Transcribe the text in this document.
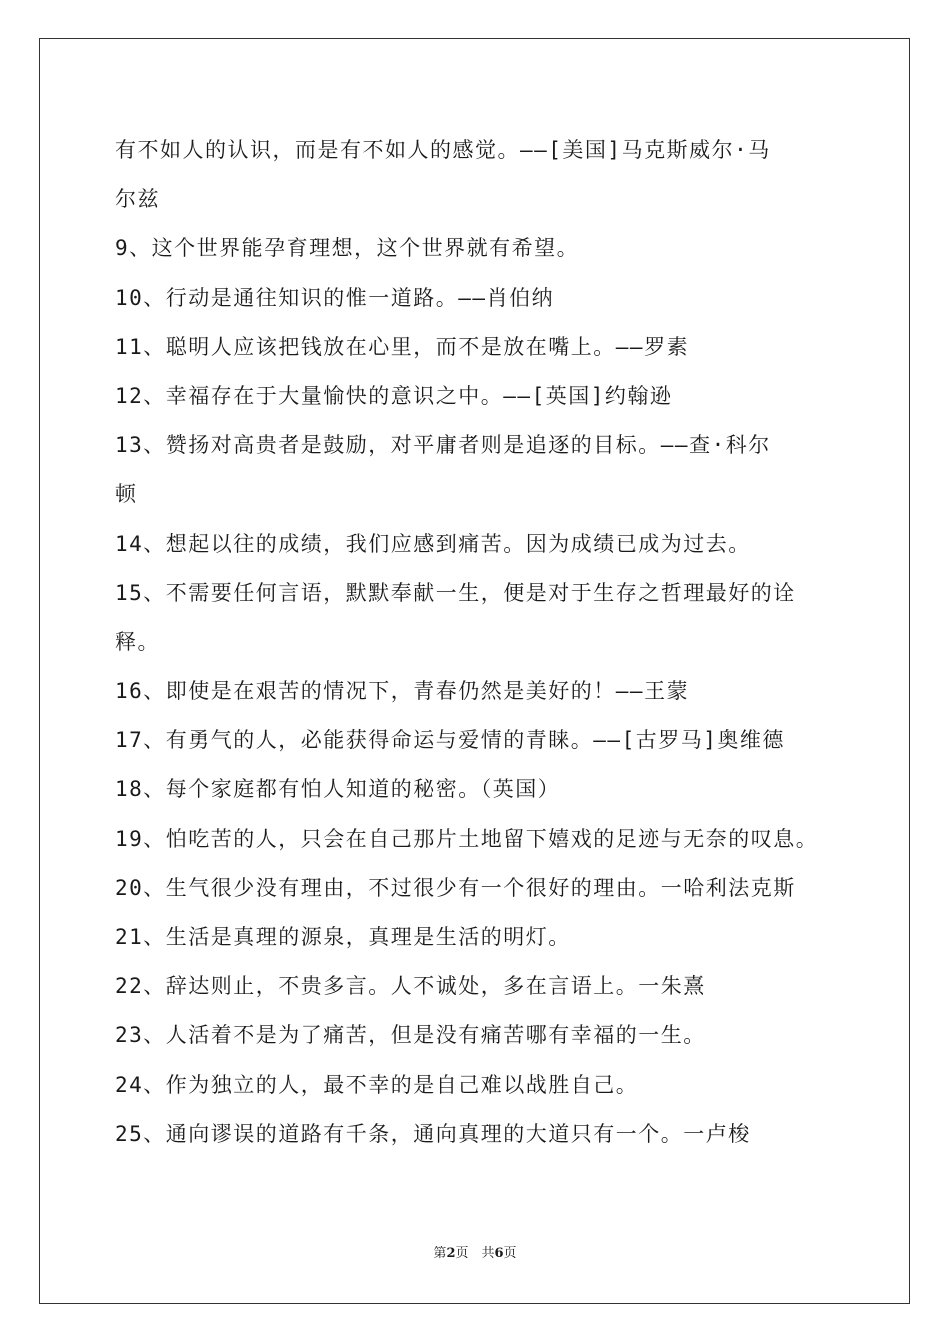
有不如人的认识，而是有不如人的感觉。——[美国]马克斯威尔·马
尔兹
9、这个世界能孕育理想，这个世界就有希望。
10、行动是通往知识的惟一道路。——肖伯纳
11、聪明人应该把钱放在心里，而不是放在嘴上。——罗素
12、幸福存在于大量愉快的意识之中。——[英国]约翰逊
13、赞扬对高贵者是鼓励，对平庸者则是追逐的目标。——查·科尔
顿
14、想起以往的成绩，我们应感到痛苦。因为成绩已成为过去。
15、不需要任何言语，默默奉献一生，便是对于生存之哲理最好的诠
释。
16、即使是在艰苦的情况下，青春仍然是美好的！——王蒙
17、有勇气的人，必能获得命运与爱情的青睐。——[古罗马]奥维德
18、每个家庭都有怕人知道的秘密。（英国）
19、怕吃苦的人，只会在自己那片土地留下嬉戏的足迹与无奈的叹息。
20、生气很少没有理由，不过很少有一个很好的理由。一哈利法克斯
21、生活是真理的源泉，真理是生活的明灯。
22、辞达则止，不贵多言。人不诚处，多在言语上。一朱熹
23、人活着不是为了痛苦，但是没有痛苦哪有幸福的一生。
24、作为独立的人，最不幸的是自己难以战胜自己。
25、通向谬误的道路有千条，通向真理的大道只有一个。一卢梭
第2页　共6页
